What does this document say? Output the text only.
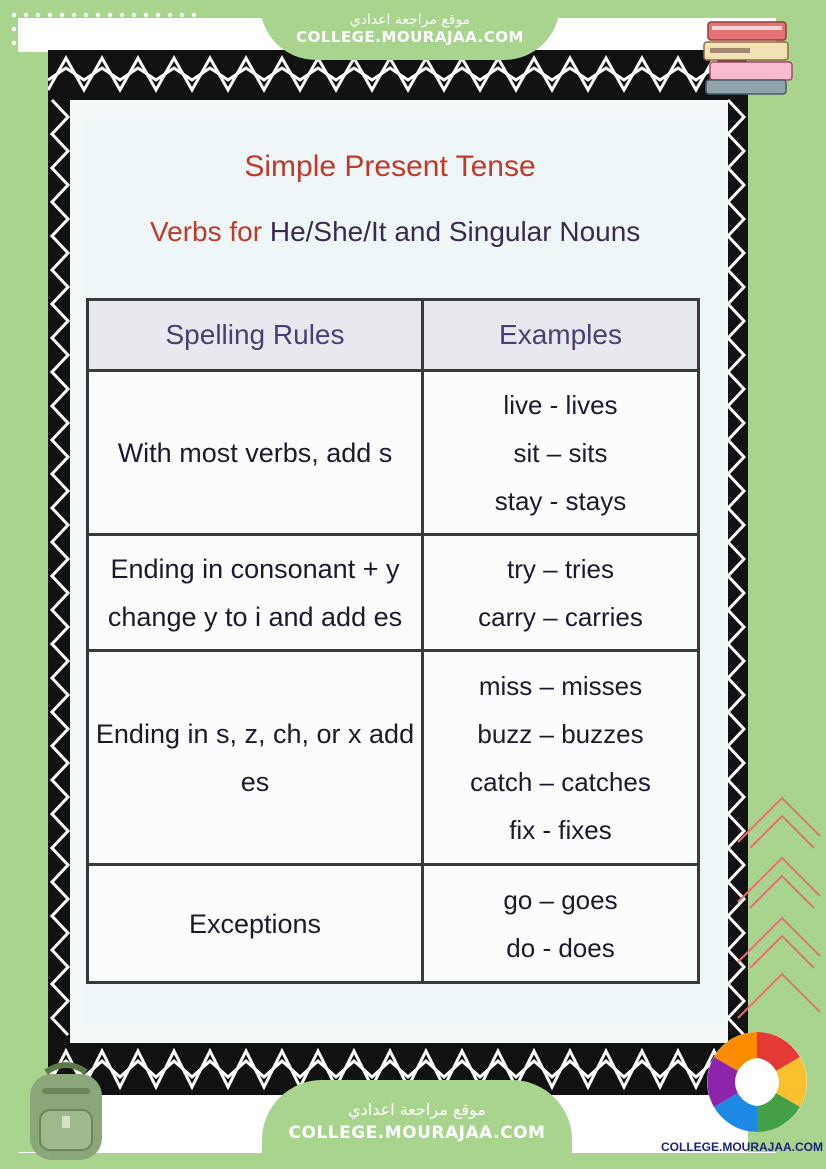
Simple Present Tense
Verbs for He/She/It and Singular Nouns
Spelling Rules	Examples
With most verbs, add s	live - lives
sit – sits
stay - stays

Ending in consonant + y
change y to i and add es	try – tries
carry – carries

Ending in s, z, ch, or x add es	miss – misses
buzz – buzzes
catch – catches
fix - fixes

Exceptions	go – goes
do - does
موقع مراجعة اعدادي
COLLEGE.MOURAJAA.COM
موقع مراجعة اعدادي
COLLEGE.MOURAJAA.COM
COLLEGE.MOURAJAA.COM
